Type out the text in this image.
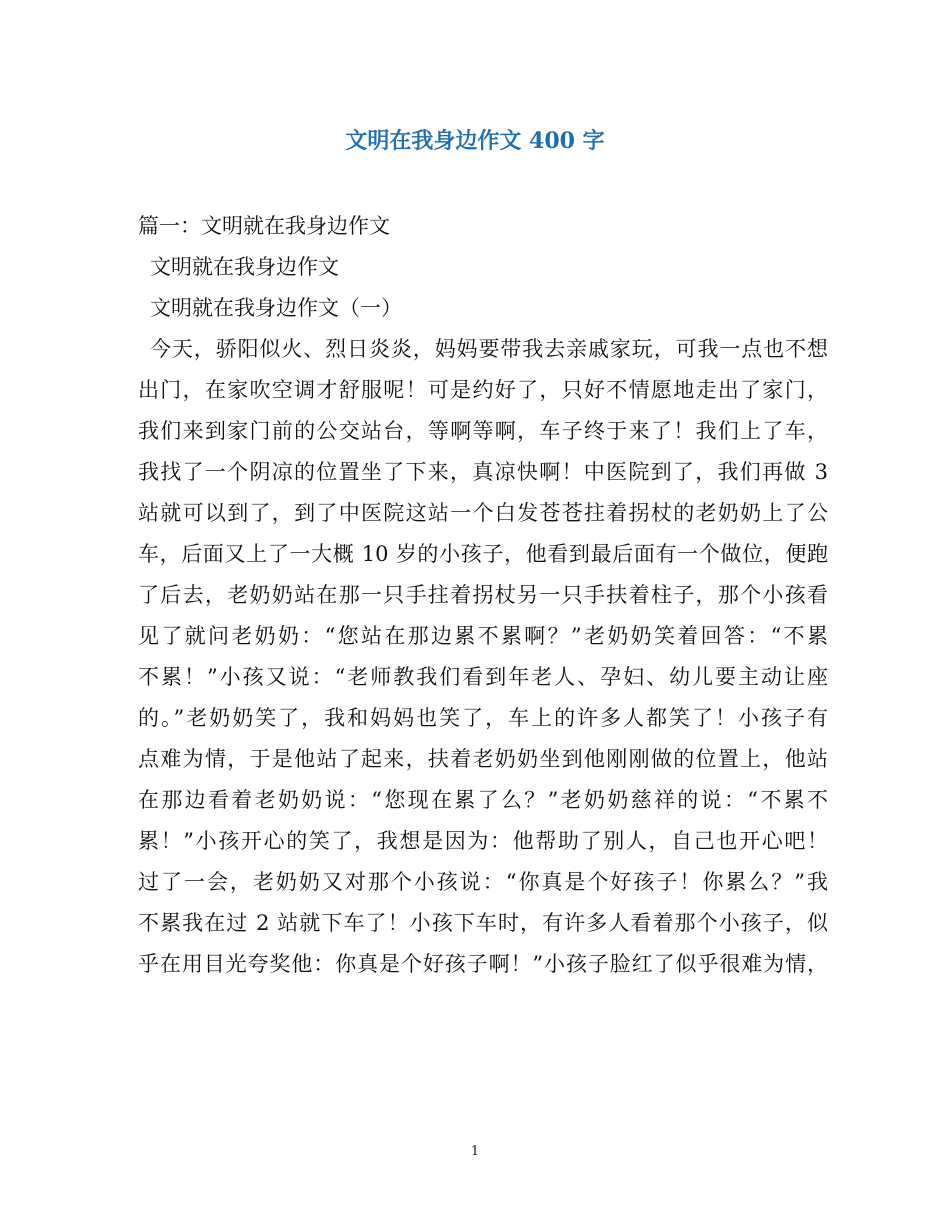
文明在我身边作文 400 字
篇一：文明就在我身边作文
文明就在我身边作文
文明就在我身边作文（一）
今天，骄阳似火、烈日炎炎，妈妈要带我去亲戚家玩，可我一点也不想
出门，在家吹空调才舒服呢！可是约好了，只好不情愿地走出了家门，
我们来到家门前的公交站台，等啊等啊，车子终于来了！我们上了车，
我找了一个阴凉的位置坐了下来，真凉快啊！中医院到了，我们再做 3
站就可以到了，到了中医院这站一个白发苍苍拄着拐杖的老奶奶上了公
车，后面又上了一大概 10 岁的小孩子，他看到最后面有一个做位，便跑
了后去，老奶奶站在那一只手拄着拐杖另一只手扶着柱子，那个小孩看
见了就问老奶奶：“您站在那边累不累啊？”老奶奶笑着回答：“不累
不累！”小孩又说：“老师教我们看到年老人、孕妇、幼儿要主动让座
的。”老奶奶笑了，我和妈妈也笑了，车上的许多人都笑了！小孩子有
点难为情，于是他站了起来，扶着老奶奶坐到他刚刚做的位置上，他站
在那边看着老奶奶说：“您现在累了么？”老奶奶慈祥的说：“不累不
累！”小孩开心的笑了，我想是因为：他帮助了别人，自己也开心吧！
过了一会，老奶奶又对那个小孩说：“你真是个好孩子！你累么？”我
不累我在过 2 站就下车了！小孩下车时，有许多人看着那个小孩子，似
乎在用目光夸奖他：你真是个好孩子啊！”小孩子脸红了似乎很难为情，
1
